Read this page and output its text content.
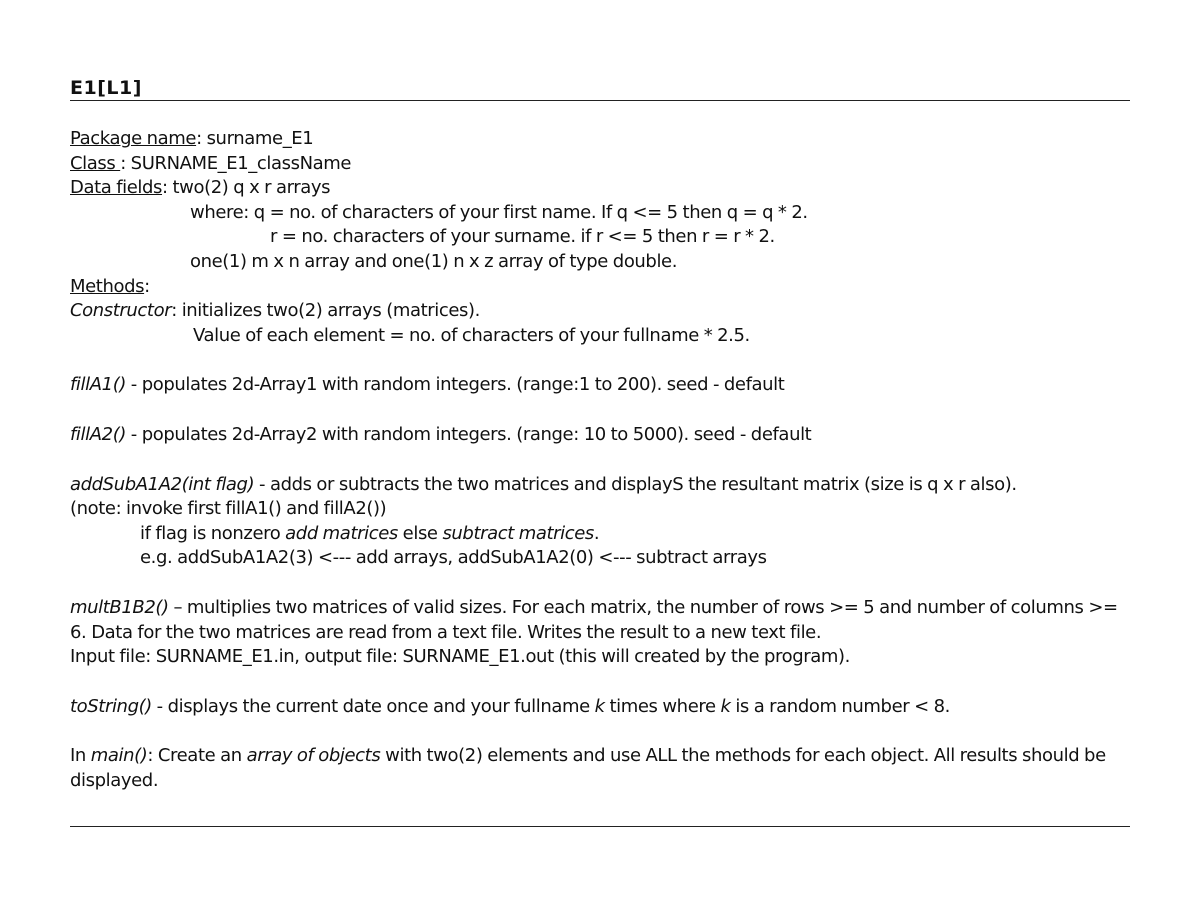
E1[L1]
Package name: surname_E1
Class : SURNAME_E1_className
Data fields: two(2) q x r arrays
where: q = no. of characters of your first name. If q <= 5 then q = q * 2.
r = no. characters of your surname. if r <= 5 then r = r * 2.
one(1) m x n array and one(1) n x z array of type double.
Methods:
Constructor: initializes two(2) arrays (matrices).
Value of each element = no. of characters of your fullname * 2.5.
fillA1() - populates 2d-Array1 with random integers. (range:1 to 200). seed - default
fillA2() - populates 2d-Array2 with random integers. (range: 10 to 5000). seed - default
addSubA1A2(int flag) - adds or subtracts the two matrices and displayS the resultant matrix (size is q x r also).
(note: invoke first fillA1() and fillA2())
if flag is nonzero add matrices else subtract matrices.
e.g. addSubA1A2(3) <--- add arrays, addSubA1A2(0) <--- subtract arrays
multB1B2() – multiplies two matrices of valid sizes. For each matrix, the number of rows >= 5 and number of columns >= 6. Data for the two matrices are read from a text file. Writes the result to a new text file.
Input file: SURNAME_E1.in, output file: SURNAME_E1.out (this will created by the program).
toString() - displays the current date once and your fullname k times where k is a random number < 8.
In main(): Create an array of objects with two(2) elements and use ALL the methods for each object. All results should be displayed.
